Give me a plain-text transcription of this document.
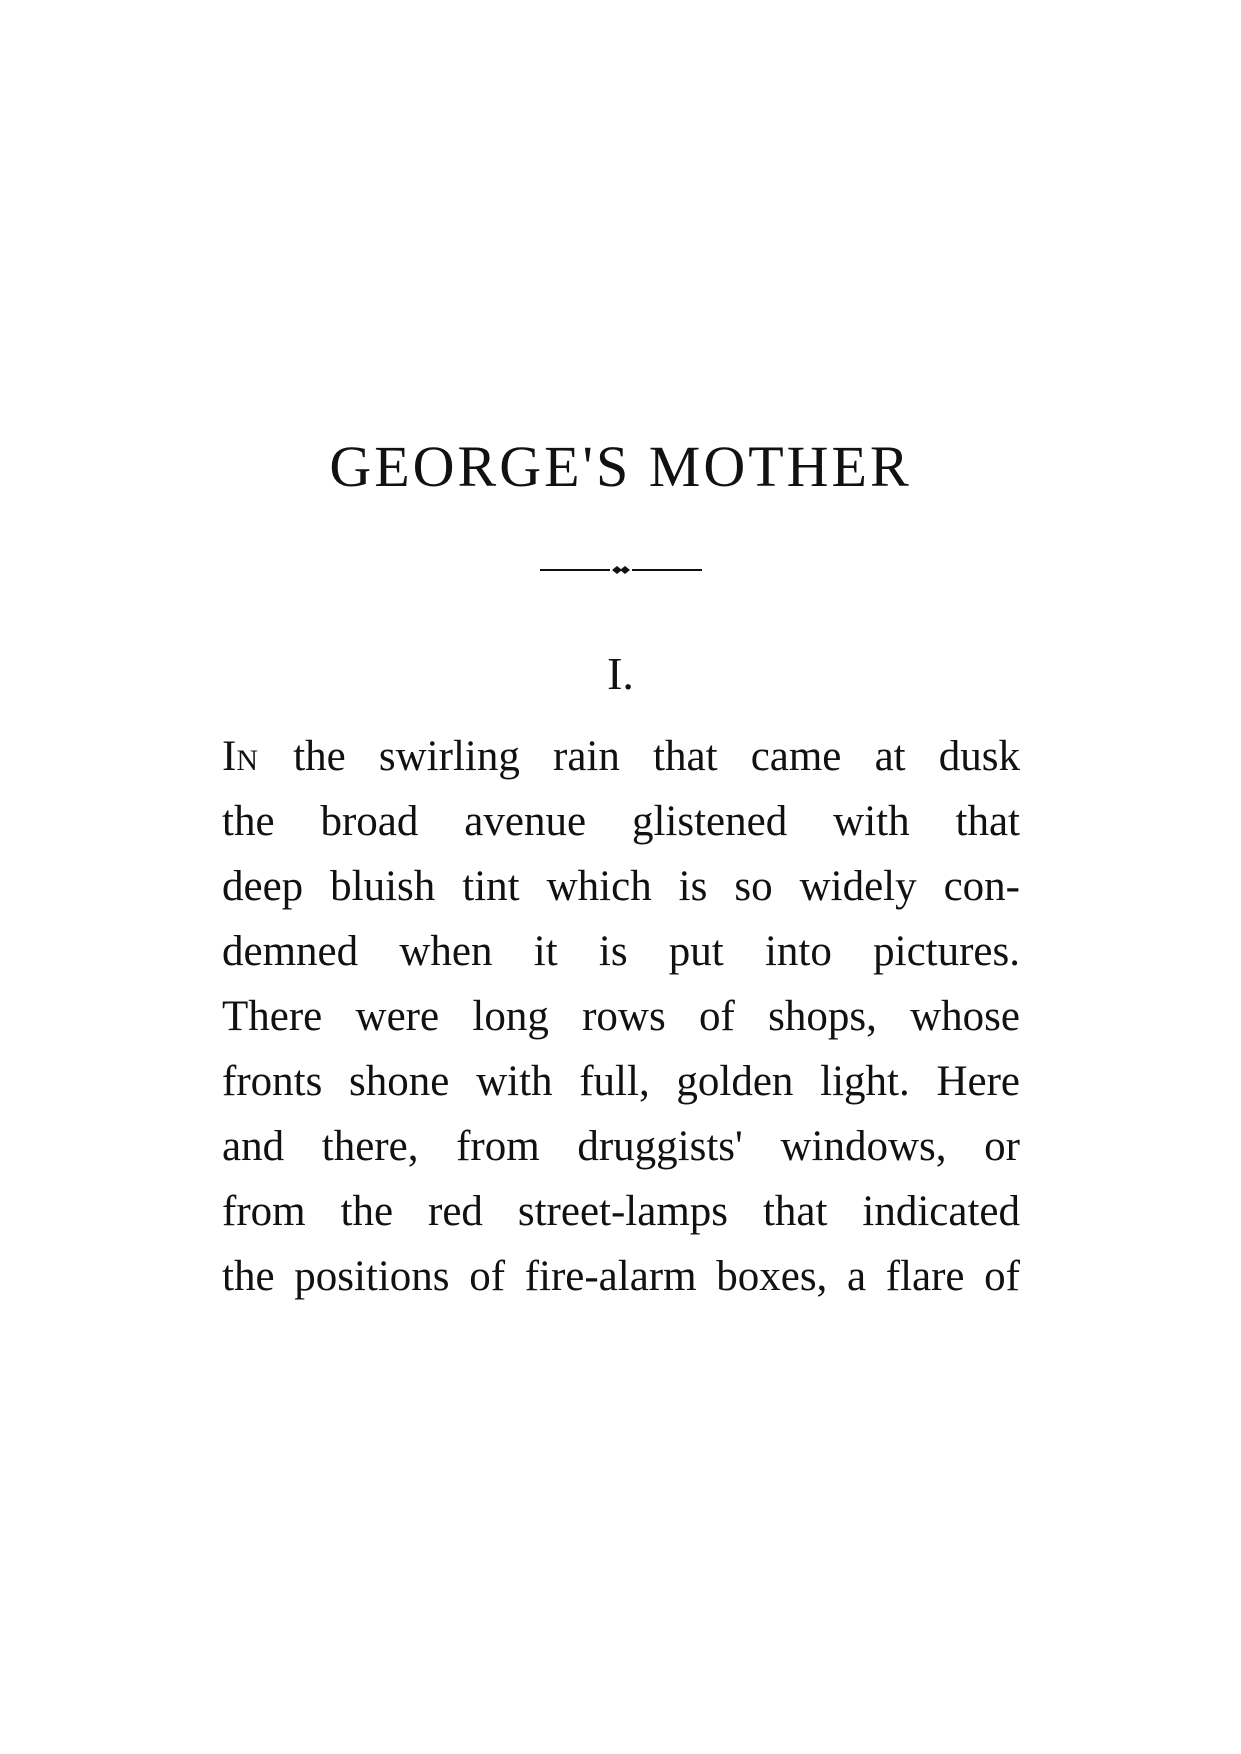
GEORGE'S MOTHER
I.
IN the swirling rain that came at dusk
the broad avenue glistened with that
deep bluish tint which is so widely con-
demned when it is put into pictures.
There were long rows of shops, whose
fronts shone with full, golden light. Here
and there, from druggists' windows, or
from the red street-lamps that indicated
the positions of fire-alarm boxes, a flare of
